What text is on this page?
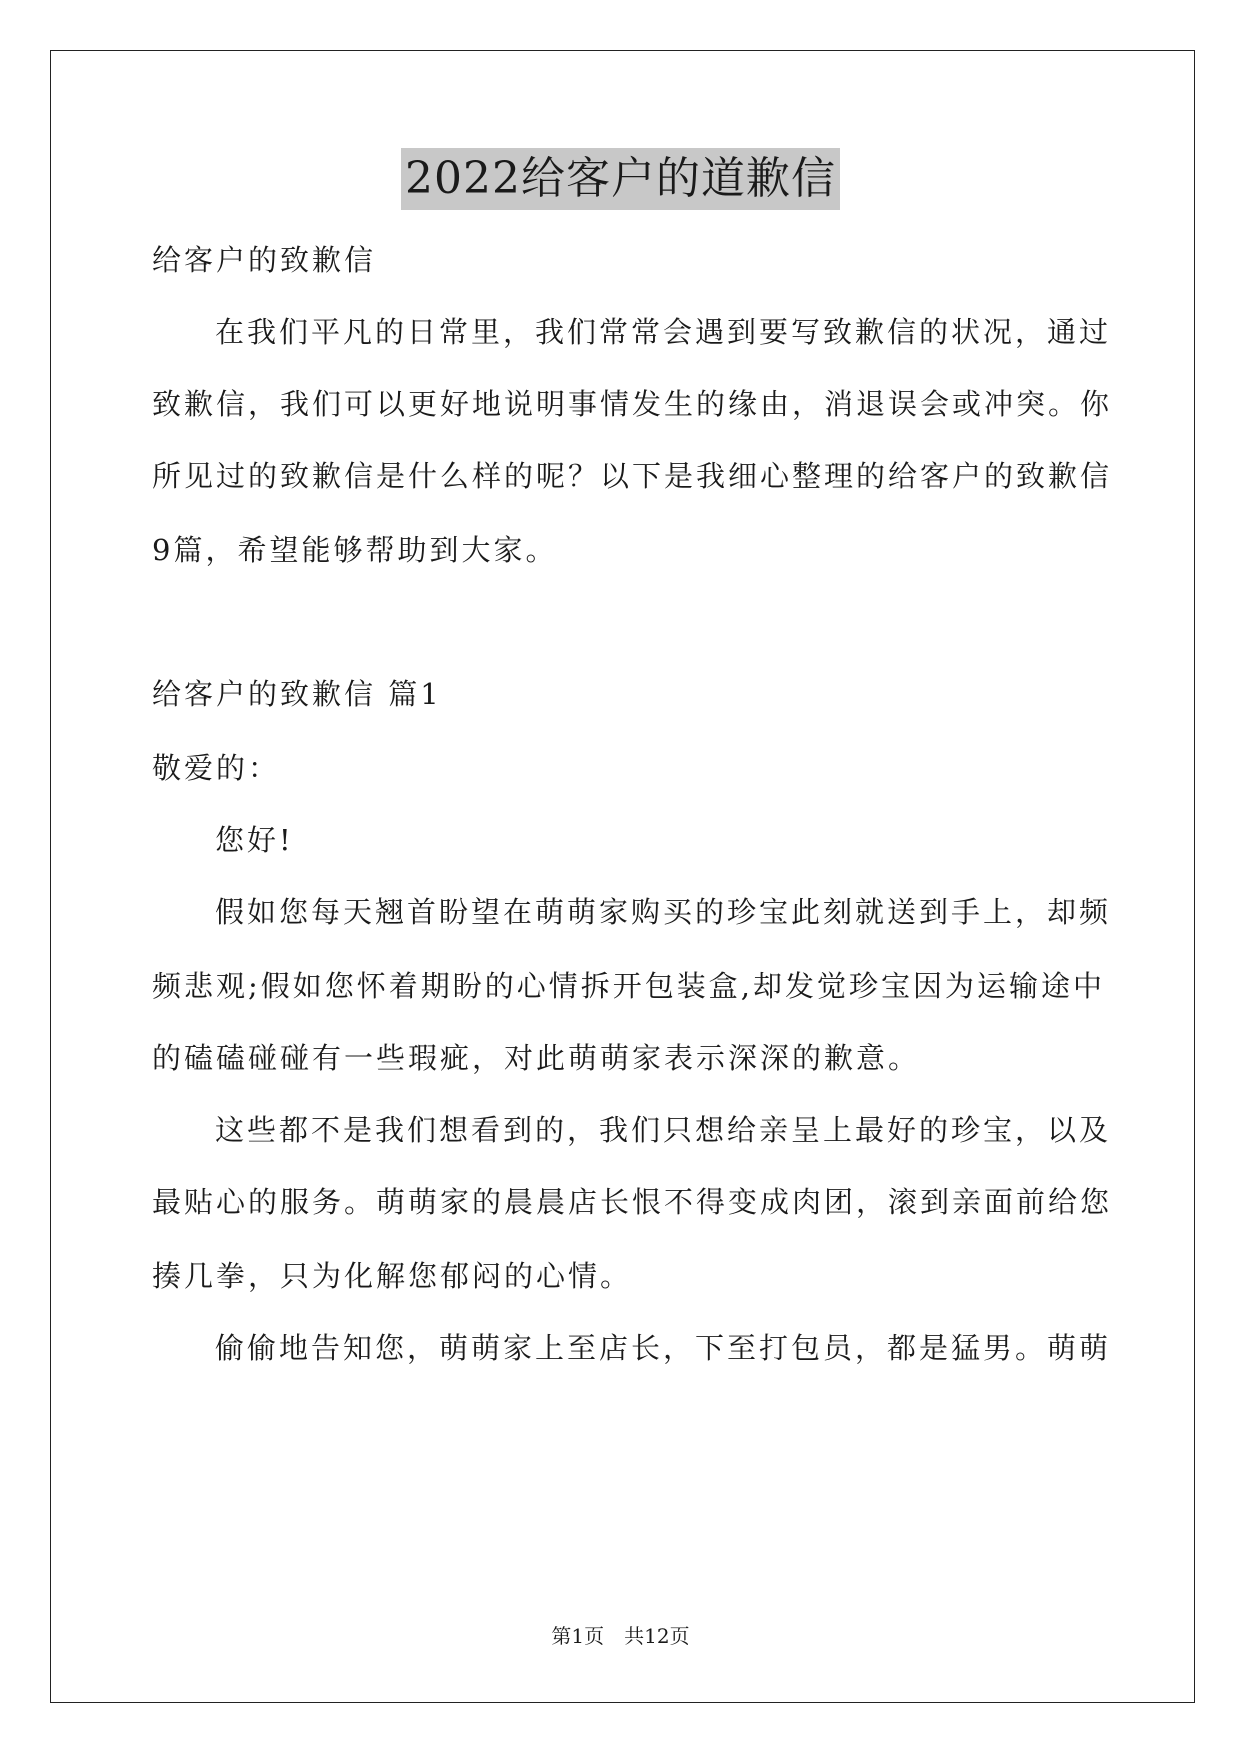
2022给客户的道歉信
给客户的致歉信
在我们平凡的日常里，我们常常会遇到要写致歉信的状况，通过
致歉信，我们可以更好地说明事情发生的缘由，消退误会或冲突。你
所见过的致歉信是什么样的呢？以下是我细心整理的给客户的致歉信
9篇，希望能够帮助到大家。
给客户的致歉信 篇1
敬爱的：
您好!
假如您每天翘首盼望在萌萌家购买的珍宝此刻就送到手上，却频
频悲观;假如您怀着期盼的心情拆开包装盒,却发觉珍宝因为运输途中
的磕磕碰碰有一些瑕疵，对此萌萌家表示深深的歉意。
这些都不是我们想看到的，我们只想给亲呈上最好的珍宝，以及
最贴心的服务。萌萌家的晨晨店长恨不得变成肉团，滚到亲面前给您
揍几拳，只为化解您郁闷的心情。
偷偷地告知您，萌萌家上至店长，下至打包员，都是猛男。萌萌
第1页　共12页
